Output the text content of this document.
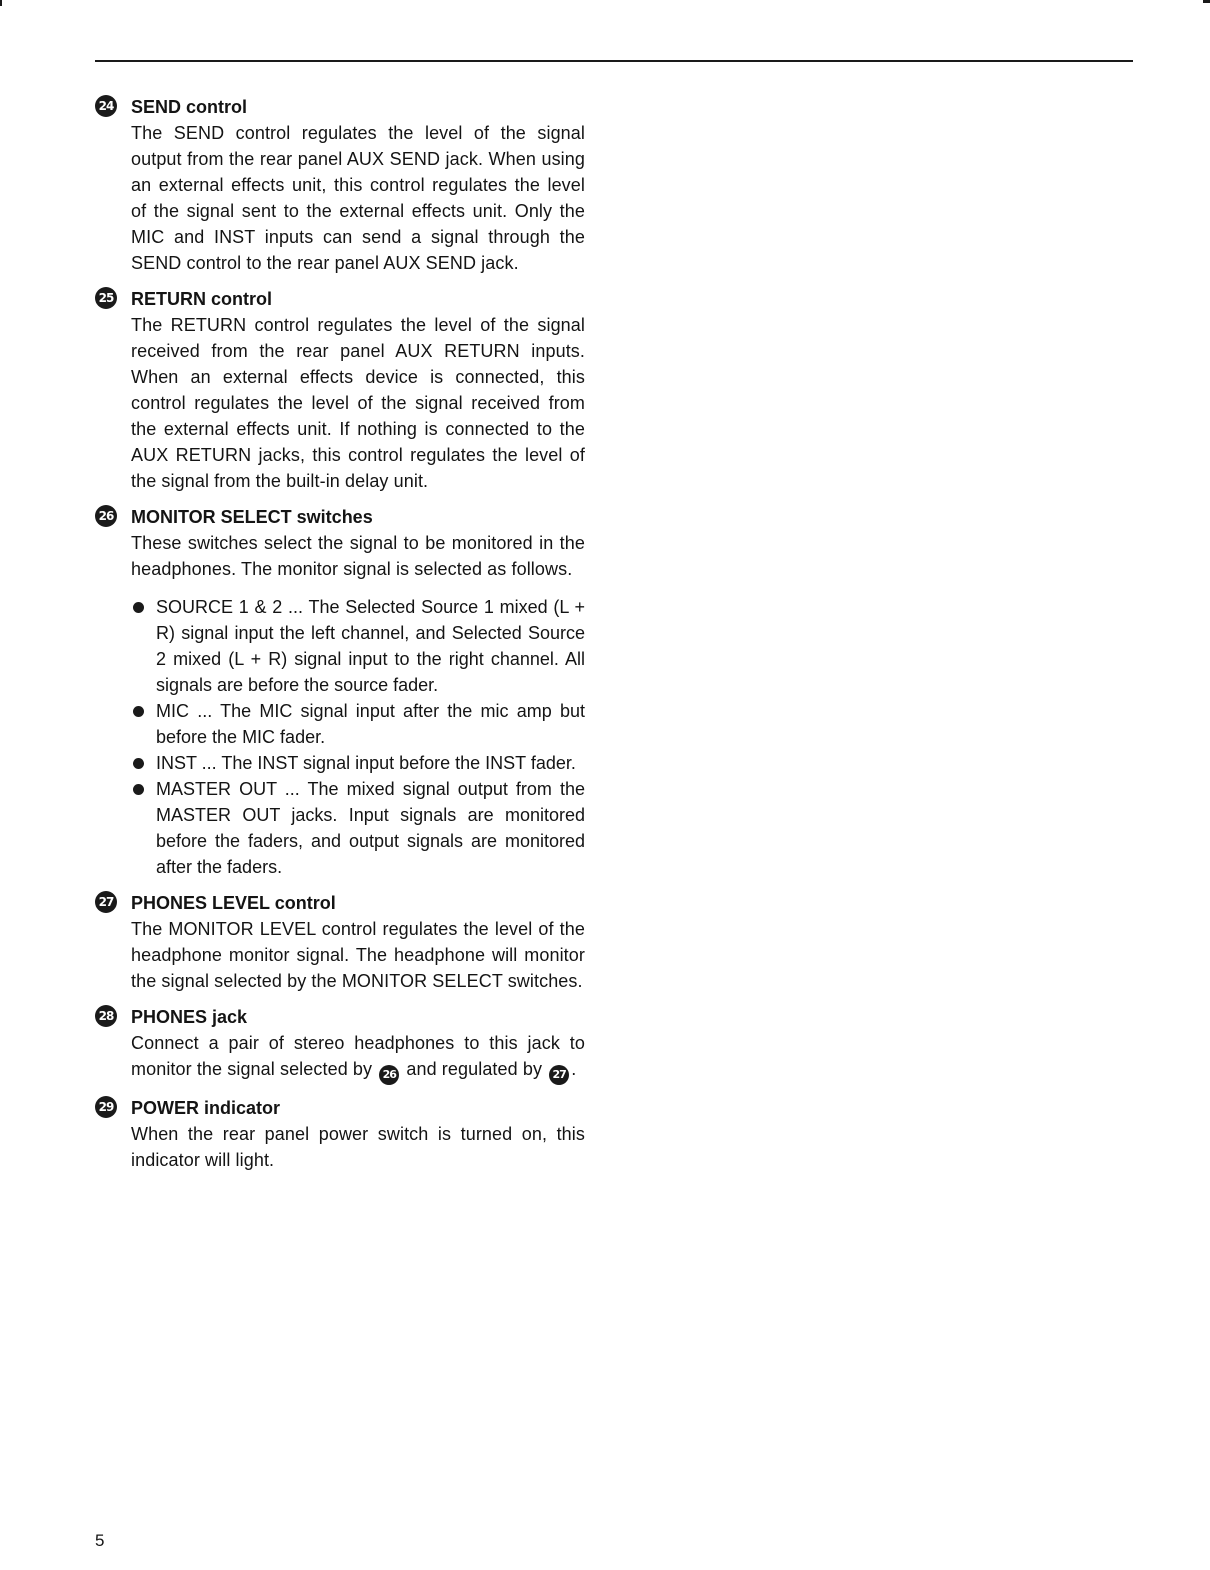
24 SEND control

The SEND control regulates the level of the signal output from the rear panel AUX SEND jack. When using an external effects unit, this control regulates the level of the signal sent to the external effects unit. Only the MIC and INST inputs can send a signal through the SEND control to the rear panel AUX SEND jack.

25 RETURN control

The RETURN control regulates the level of the signal received from the rear panel AUX RETURN inputs. When an external effects device is connected, this control regulates the level of the signal received from the external effects unit. If nothing is connected to the AUX RETURN jacks, this control regulates the level of the signal from the built-in delay unit.

26 MONITOR SELECT switches

These switches select the signal to be monitored in the headphones. The monitor signal is selected as follows.

SOURCE 1 & 2 ... The Selected Source 1 mixed (L + R) signal input the left channel, and Selected Source 2 mixed (L + R) signal input to the right channel. All signals are before the source fader.
MIC ... The MIC signal input after the mic amp but before the MIC fader.
INST ... The INST signal input before the INST fader.
MASTER OUT ... The mixed signal output from the MASTER OUT jacks. Input signals are monitored before the faders, and output signals are monitored after the faders.
27 PHONES LEVEL control

The MONITOR LEVEL control regulates the level of the headphone monitor signal. The headphone will monitor the signal selected by the MONITOR SELECT switches.

28 PHONES jack

Connect a pair of stereo headphones to this jack to monitor the signal selected by 26 and regulated by 27 .

29 POWER indicator

When the rear panel power switch is turned on, this indicator will light.

5
